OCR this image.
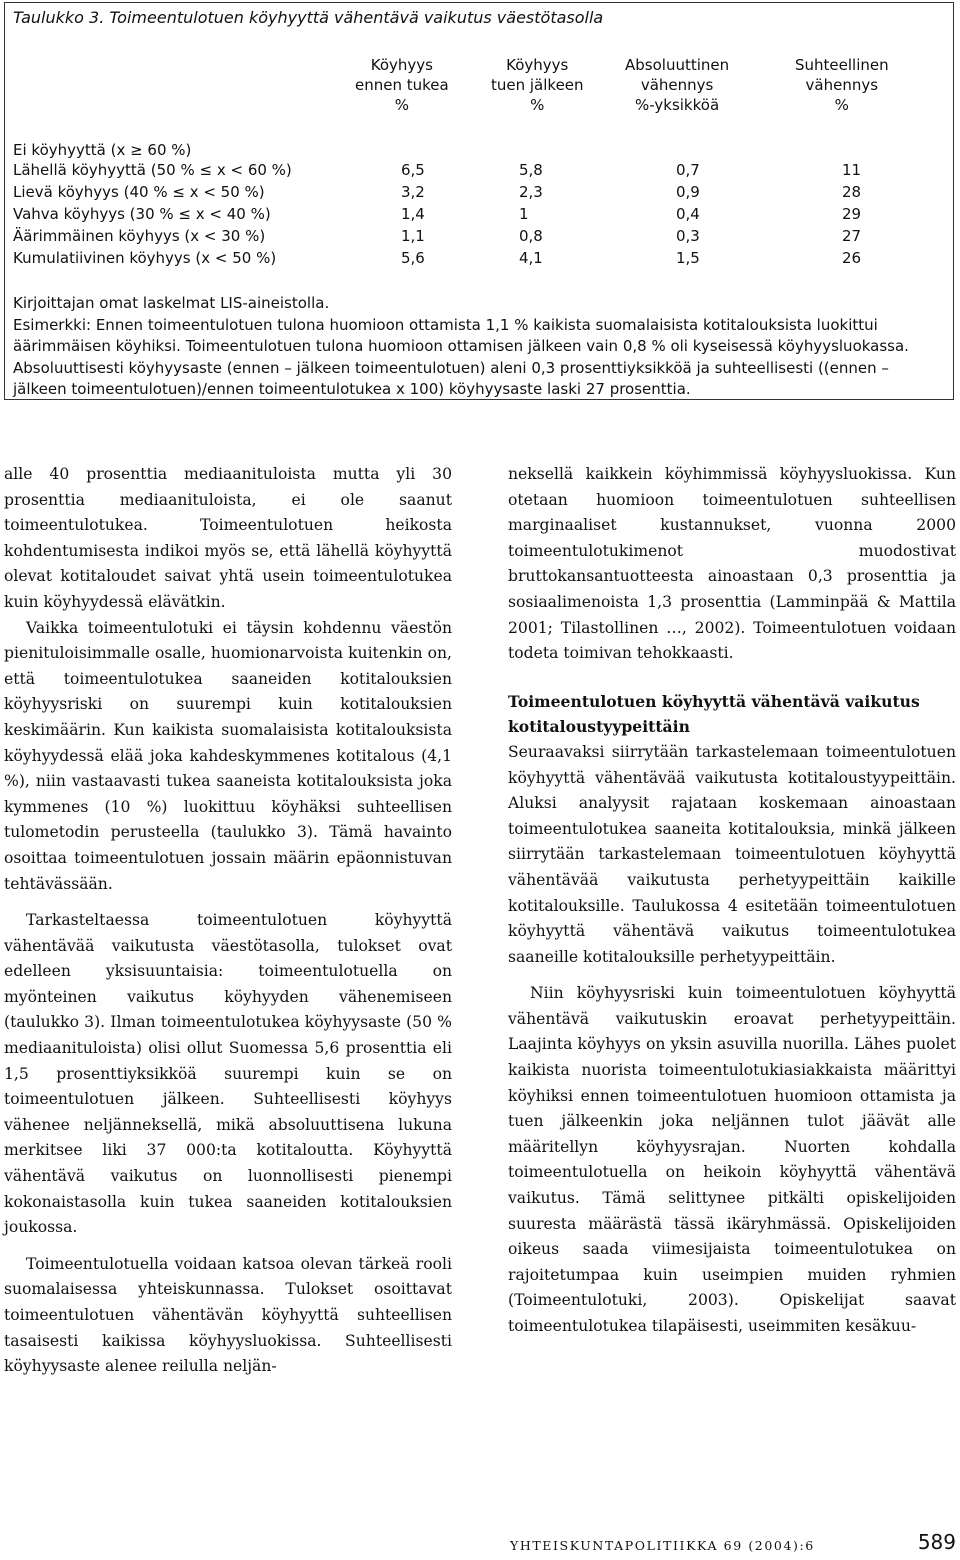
Taulukko 3. Toimeentulotuen köyhyyttä vähentävä vaikutus väestötasolla
Köyhyys
ennen tukea
%
Köyhyys
tuen jälkeen
%
Absoluuttinen
vähennys
%-yksikköä
Suhteellinen
vähennys
%
Ei köyhyyttä (x ≥ 60 %)
Lähellä köyhyyttä (50 % ≤ x < 60 %)	6,5	5,8	0,7	11
Lievä köyhyys (40 % ≤ x < 50 %)	3,2	2,3	0,9	28
Vahva köyhyys (30 % ≤ x < 40 %)	1,4	1	0,4	29
Äärimmäinen köyhyys (x < 30 %)	1,1	0,8	0,3	27
Kumulatiivinen köyhyys (x < 50 %)	5,6	4,1	1,5	26

Kirjoittajan omat laskelmat LIS-aineistolla.

Esimerkki: Ennen toimeentulotuen tulona huomioon ottamista 1,1 % kaikista suomalaisista kotitalouksista luokittui äärimmäisen köyhiksi. Toimeentulotuen tulona huomioon ottamisen jälkeen vain 0,8 % oli kyseisessä köyhyysluokassa. Absoluuttisesti köyhyysaste (ennen – jälkeen toimeentulotuen) aleni 0,3 prosenttiyksikköä ja suhteellisesti ((ennen – jälkeen toimeentulotuen)/ennen toimeentulotukea x 100) köyhyysaste laski 27 prosenttia.

alle 40 prosenttia mediaanituloista mutta yli 30 prosenttia mediaanituloista, ei ole saanut toimeentulotukea. Toimeentulotuen heikosta kohdentumisesta indikoi myös se, että lähellä köyhyyttä olevat kotitaloudet saivat yhtä usein toimeentulotukea kuin köyhyydessä elävätkin.

Vaikka toimeentulotuki ei täysin kohdennu väestön pienituloisimmalle osalle, huomionarvoista kuitenkin on, että toimeentulotukea saaneiden kotitalouksien köyhyysriski on suurempi kuin kotitalouksien keskimäärin. Kun kaikista suomalaisista kotitalouksista köyhyydessä elää joka kahdeskymmenes kotitalous (4,1 %), niin vastaavasti tukea saaneista kotitalouksista joka kymmenes (10 %) luokittuu köyhäksi suhteellisen tulometodin perusteella (taulukko 3). Tämä havainto osoittaa toimeentulotuen jossain määrin epäonnistuvan tehtävässään.

Tarkasteltaessa toimeentulotuen köyhyyttä vähentävää vaikutusta väestötasolla, tulokset ovat edelleen yksisuuntaisia: toimeentulotuella on myönteinen vaikutus köyhyyden vähenemiseen (taulukko 3). Ilman toimeentulotukea köyhyysaste (50 % mediaanituloista) olisi ollut Suomessa 5,6 prosenttia eli 1,5 prosenttiyksikköä suurempi kuin se on toimeentulotuen jälkeen. Suhteellisesti köyhyys vähenee neljänneksellä, mikä absoluuttisena lukuna merkitsee liki 37 000:ta kotitaloutta. Köyhyyttä vähentävä vaikutus on luonnollisesti pienempi kokonaistasolla kuin tukea saaneiden kotitalouksien joukossa.

Toimeentulotuella voidaan katsoa olevan tärkeä rooli suomalaisessa yhteiskunnassa. Tulokset osoittavat toimeentulotuen vähentävän köyhyyttä suhteellisen tasaisesti kaikissa köyhyysluokissa. Suhteellisesti köyhyysaste alenee reilulla neljän-

neksellä kaikkein köyhimmissä köyhyysluokissa. Kun otetaan huomioon toimeentulotuen suhteellisen marginaaliset kustannukset, vuonna 2000 toimeentulotukimenot muodostivat bruttokansantuotteesta ainoastaan 0,3 prosenttia ja sosiaalimenoista 1,3 prosenttia (Lamminpää & Mattila 2001; Tilastollinen …, 2002). Toimeentulotuen voidaan todeta toimivan tehokkaasti.

Toimeentulotuen köyhyyttä vähentävä vaikutus kotitaloustyypeittäin

Seuraavaksi siirrytään tarkastelemaan toimeentulotuen köyhyyttä vähentävää vaikutusta kotitaloustyypeittäin. Aluksi analyysit rajataan koskemaan ainoastaan toimeentulotukea saaneita kotitalouksia, minkä jälkeen siirrytään tarkastelemaan toimeentulotuen köyhyyttä vähentävää vaikutusta perhetyypeittäin kaikille kotitalouksille. Taulukossa 4 esitetään toimeentulotuen köyhyyttä vähentävä vaikutus toimeentulotukea saaneille kotitalouksille perhetyypeittäin.

Niin köyhyysriski kuin toimeentulotuen köyhyyttä vähentävä vaikutuskin eroavat perhetyypeittäin. Laajinta köyhyys on yksin asuvilla nuorilla. Lähes puolet kaikista nuorista toimeentulotukiasiakkaista määrittyi köyhiksi ennen toimeentulotuen huomioon ottamista ja tuen jälkeenkin joka neljännen tulot jäävät alle määritellyn köyhyysrajan. Nuorten kohdalla toimeentulotuella on heikoin köyhyyttä vähentävä vaikutus. Tämä selittynee pitkälti opiskelijoiden suuresta määrästä tässä ikäryhmässä. Opiskelijoiden oikeus saada viimesijaista toimeentulotukea on rajoitetumpaa kuin useimpien muiden ryhmien (Toimeentulotuki, 2003). Opiskelijat saavat toimeentulotukea tilapäisesti, useimmiten kesäkuu-

YHTEISKUNTAPOLITIIKKA 69 (2004):6	589
